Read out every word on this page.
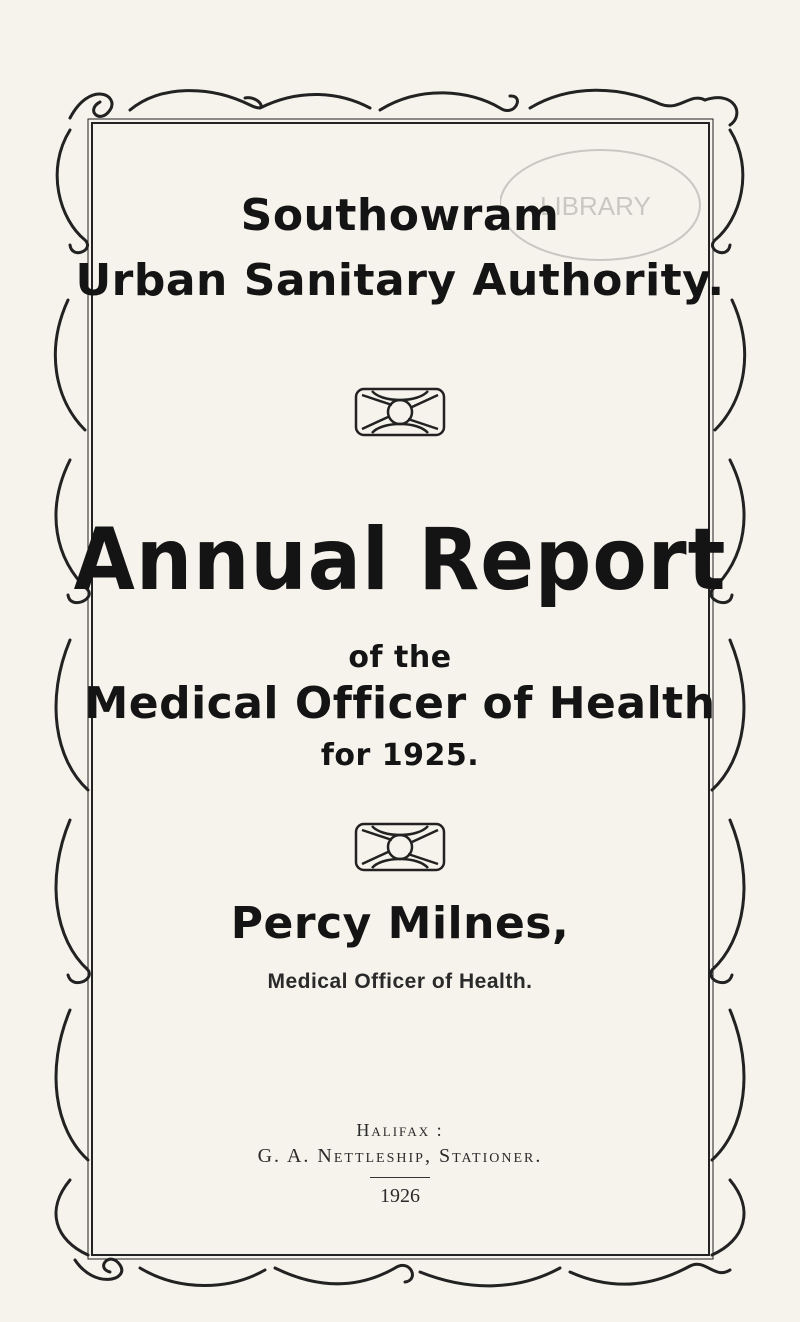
LIBRARY
Southowram
Urban Sanitary Authority.
Annual Report
of the
Medical Officer of Health
for 1925.
Percy Milnes,
Medical Officer of Health.
Halifax :
G. A. Nettleship, Stationer.
1926
